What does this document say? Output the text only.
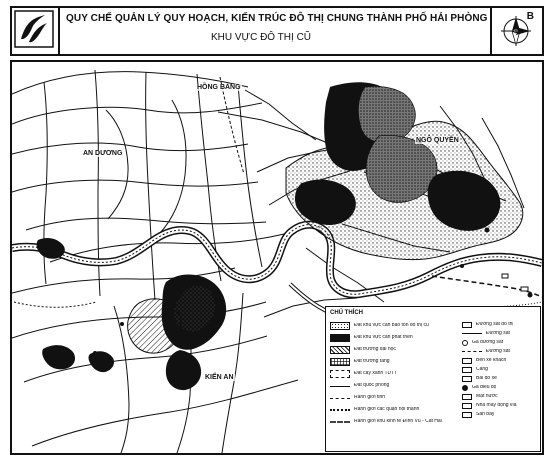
QUY CHẾ QUẢN LÝ QUY HOẠCH, KIẾN TRÚC ĐÔ THỊ CHUNG THÀNH PHỐ HẢI PHÒNG
KHU VỰC ĐÔ THỊ CŨ
B
HỒNG BÀNG
AN DƯƠNG
NGÔ QUYỀN
KIẾN AN
CHÚ THÍCH
Đất khu vực cần bảo tồn đô thị cũ
Đất khu vực cần phát triển
Đất trường đại học
Đất trường tầng
Đất cây xanh TDTT
Đất quốc phòng
Ranh giới tỉnh
Ranh giới các quận nội thành
Ranh giới khu kinh tế Đình Vũ - Cát Hải
Đường sắt đô thị
Đường sắt
Ga đường sắt
Đường sắt
Bến xe khách
Cảng
Bãi đỗ xe
Ga điều độ
Mặt nước
Nhà máy động vìa
Sân bay
